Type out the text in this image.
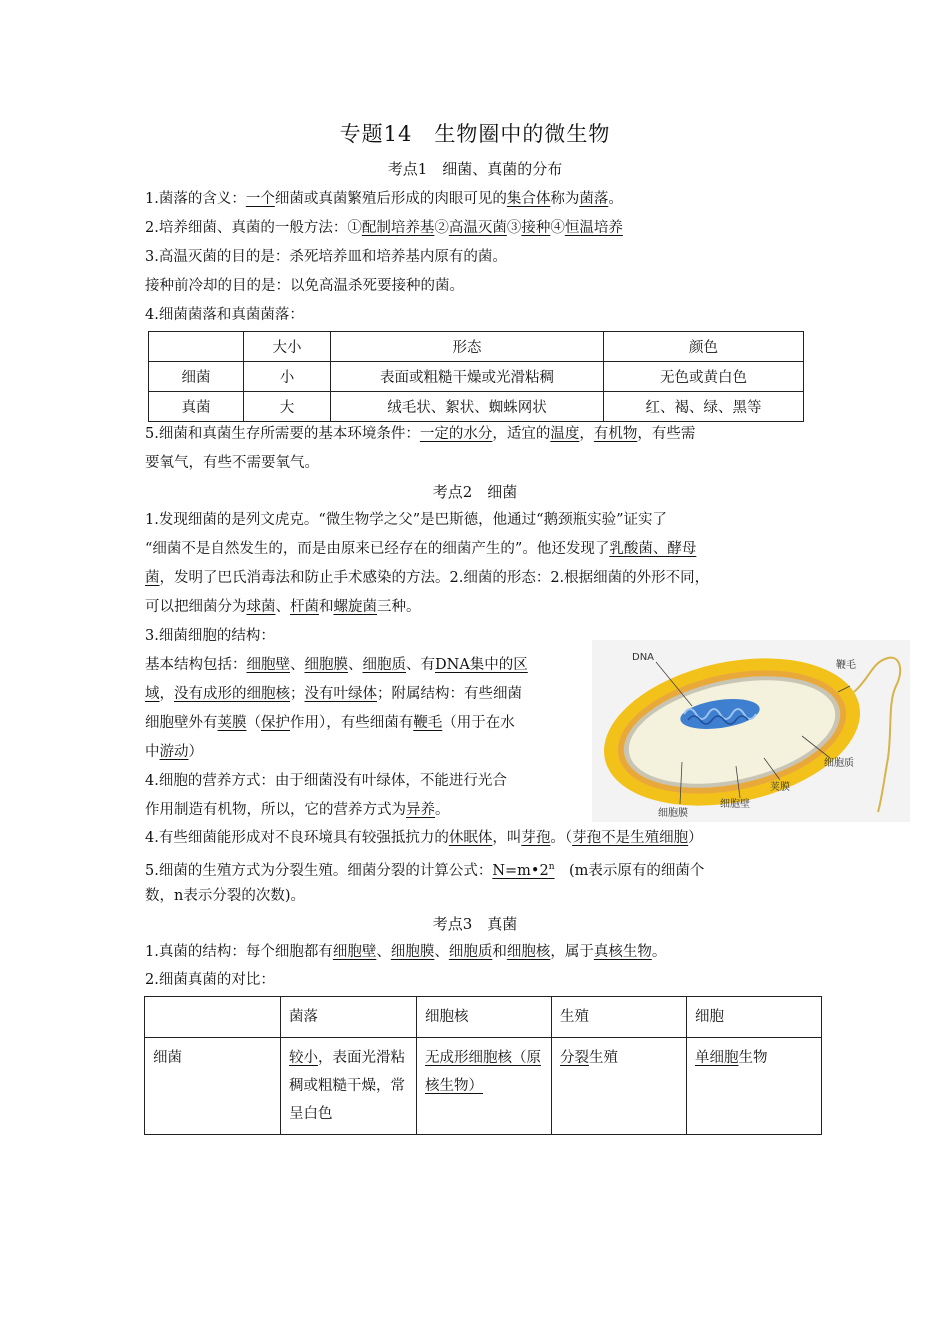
专题14　生物圈中的微生物
考点1　细菌、真菌的分布
1.菌落的含义：一个细菌或真菌繁殖后形成的肉眼可见的集合体称为菌落。
2.培养细菌、真菌的一般方法：①配制培养基②高温灭菌③接种④恒温培养
3.高温灭菌的目的是：杀死培养皿和培养基内原有的菌。
接种前冷却的目的是：以免高温杀死要接种的菌。
4.细菌菌落和真菌菌落：
	大小	形态	颜色
细菌	小	表面或粗糙干燥或光滑粘稠	无色或黄白色
真菌	大	绒毛状、絮状、蜘蛛网状	红、褐、绿、黑等
5.细菌和真菌生存所需要的基本环境条件：一定的水分，适宜的温度，有机物，有些需
要氧气，有些不需要氧气。
考点2　细菌
1.发现细菌的是列文虎克。“微生物学之父”是巴斯德，他通过“鹅颈瓶实验”证实了
“细菌不是自然发生的，而是由原来已经存在的细菌产生的”。他还发现了乳酸菌、酵母
菌，发明了巴氏消毒法和防止手术感染的方法。2.细菌的形态：2.根据细菌的外形不同，
可以把细菌分为球菌、杆菌和螺旋菌三种。
3.细菌细胞的结构：
基本结构包括：细胞壁、细胞膜、细胞质、有DNA集中的区
域，没有成形的细胞核；没有叶绿体；附属结构：有些细菌
细胞壁外有荚膜（保护作用），有些细菌有鞭毛（用于在水
中游动）
4.细胞的营养方式：由于细菌没有叶绿体，不能进行光合
作用制造有机物，所以，它的营养方式为异养。
4.有些细菌能形成对不良环境具有较强抵抗力的休眠体，叫芽孢。（芽孢不是生殖细胞）
5.细菌的生殖方式为分裂生殖。细菌分裂的计算公式：$N=m•2^n$　(m表示原有的细菌个
数，n表示分裂的次数)。
DNA
鞭毛
细胞质
荚膜
细胞壁
细胞膜
考点3　真菌
1.真菌的结构：每个细胞都有细胞壁、细胞膜、细胞质和细胞核，属于真核生物。
2.细菌真菌的对比：
	菌落	细胞核	生殖	细胞
细菌	较小，表面光滑粘稠或粗糙干燥，常呈白色	无成形细胞核（原核生物）	分裂生殖	单细胞生物
